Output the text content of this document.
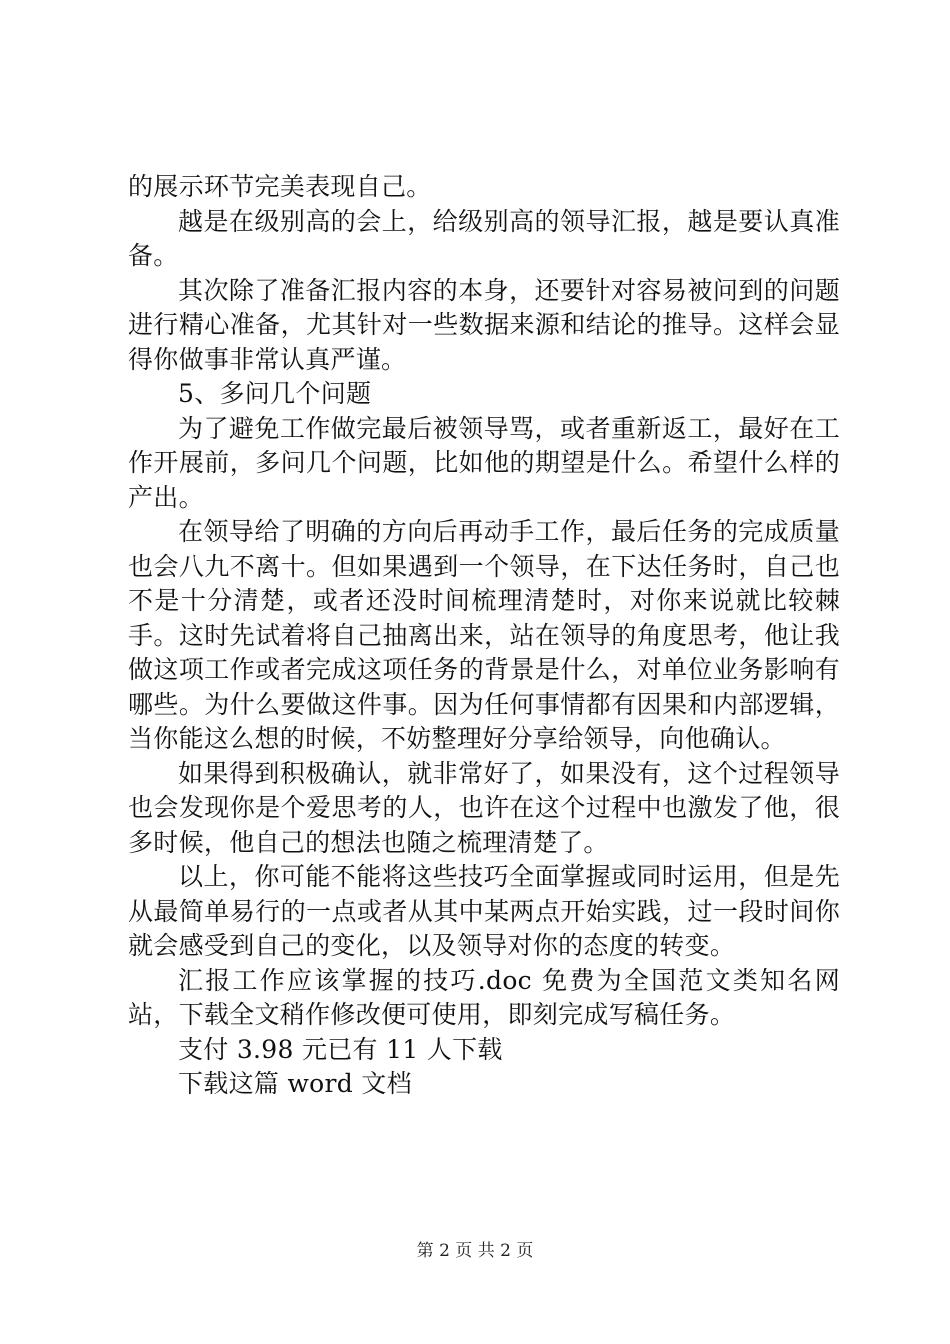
的展示环节完美表现自己。

越是在级别高的会上，给级别高的领导汇报，越是要认真准备。

其次除了准备汇报内容的本身，还要针对容易被问到的问题进行精心准备，尤其针对一些数据来源和结论的推导。这样会显得你做事非常认真严谨。

5、多问几个问题

为了避免工作做完最后被领导骂，或者重新返工，最好在工作开展前，多问几个问题，比如他的期望是什么。希望什么样的产出。

在领导给了明确的方向后再动手工作，最后任务的完成质量也会八九不离十。但如果遇到一个领导，在下达任务时，自己也不是十分清楚，或者还没时间梳理清楚时，对你来说就比较棘手。这时先试着将自己抽离出来，站在领导的角度思考，他让我做这项工作或者完成这项任务的背景是什么，对单位业务影响有哪些。为什么要做这件事。因为任何事情都有因果和内部逻辑，当你能这么想的时候，不妨整理好分享给领导，向他确认。

如果得到积极确认，就非常好了，如果没有，这个过程领导也会发现你是个爱思考的人，也许在这个过程中也激发了他，很多时候，他自己的想法也随之梳理清楚了。

以上，你可能不能将这些技巧全面掌握或同时运用，但是先从最简单易行的一点或者从其中某两点开始实践，过一段时间你就会感受到自己的变化，以及领导对你的态度的转变。

汇报工作应该掌握的技巧.doc 免费为全国范文类知名网站，下载全文稍作修改便可使用，即刻完成写稿任务。

支付 3.98 元已有 11 人下载

下载这篇 word 文档

第 2 页 共 2 页
